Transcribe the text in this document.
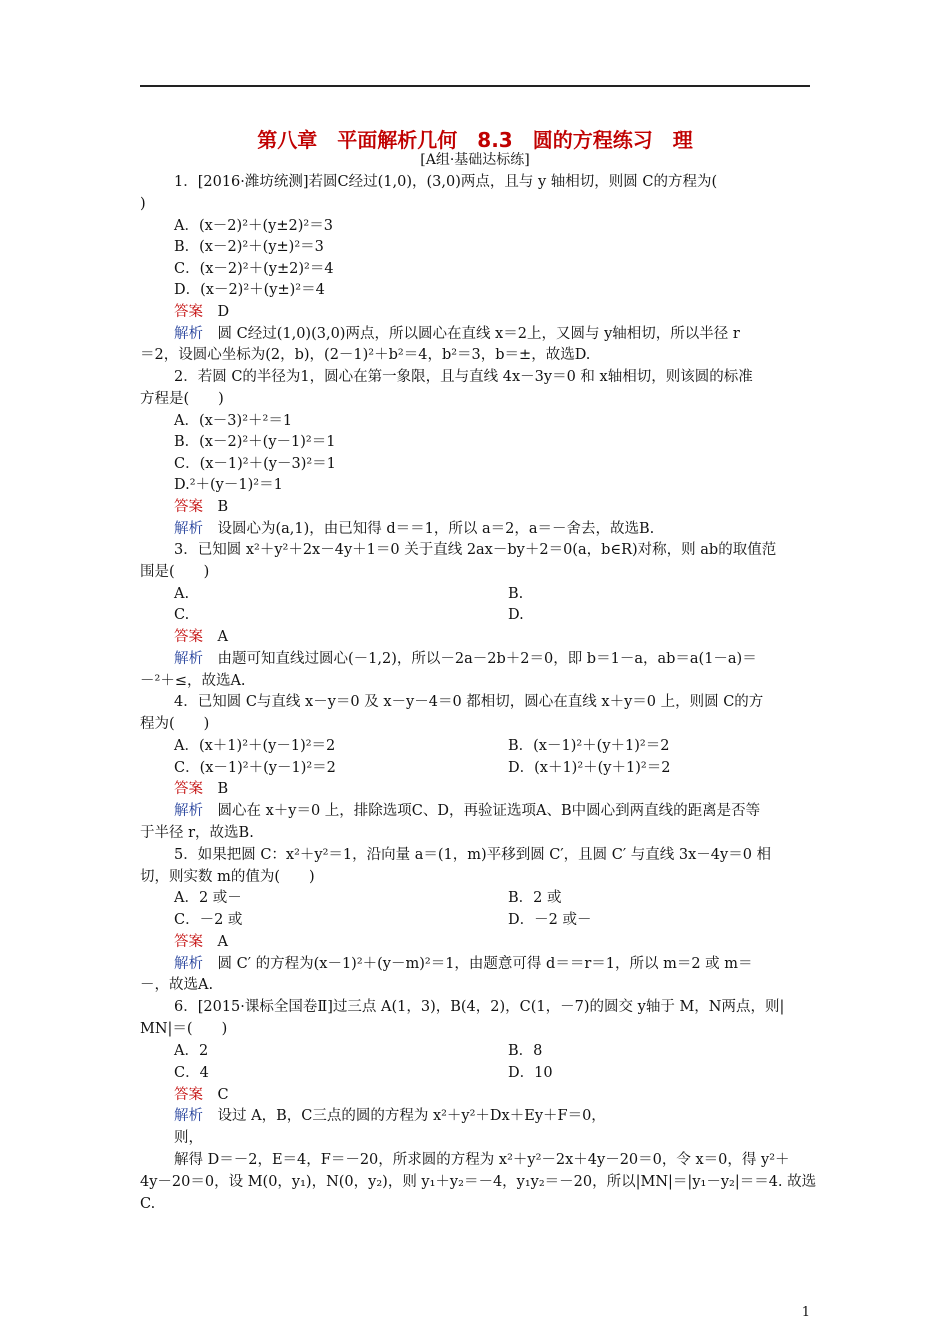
第八章　平面解析几何　8.3　圆的方程练习　理
[A组·基础达标练]
1．[2016·潍坊统测]若圆C经过(1,0)，(3,0)两点，且与 y 轴相切，则圆 C的方程为(
)
A．(x－2)²＋(y±2)²＝3
B．(x－2)²＋(y±)²＝3
C．(x－2)²＋(y±2)²＝4
D．(x－2)²＋(y±)²＝4
答案　 D
解析　 圆 C经过(1,0)(3,0)两点，所以圆心在直线 x＝2上，又圆与 y轴相切，所以半径 r
＝2，设圆心坐标为(2，b)，(2－1)²＋b²＝4，b²＝3，b＝±，故选D.
2．若圆 C的半径为1，圆心在第一象限，且与直线 4x－3y＝0 和 x轴相切，则该圆的标准
方程是(　　)
A．(x－3)²＋²＝1
B．(x－2)²＋(y－1)²＝1
C．(x－1)²＋(y－3)²＝1
D.²＋(y－1)²＝1
答案　 B
解析　 设圆心为(a,1)，由已知得 d＝＝1，所以 a＝2，a＝－舍去，故选B.
3．已知圆 x²＋y²＋2x－4y＋1＝0 关于直线 2ax－by＋2＝0(a，b∈R)对称，则 ab的取值范
围是(　　)
A.	B.
C.	D.
答案　 A
解析　 由题可知直线过圆心(－1,2)，所以－2a－2b＋2＝0，即 b＝1－a，ab＝a(1－a)＝
－²＋≤，故选A.
4．已知圆 C与直线 x－y＝0 及 x－y－4＝0 都相切，圆心在直线 x＋y＝0 上，则圆 C的方
程为(　　)
A．(x＋1)²＋(y－1)²＝2	B．(x－1)²＋(y＋1)²＝2
C．(x－1)²＋(y－1)²＝2	D．(x＋1)²＋(y＋1)²＝2
答案　 B
解析　 圆心在 x＋y＝0 上，排除选项C、D，再验证选项A、B中圆心到两直线的距离是否等
于半径 r，故选B.
5．如果把圆 C：x²＋y²＝1，沿向量 a＝(1，m)平移到圆 C′，且圆 C′ 与直线 3x－4y＝0 相
切，则实数 m的值为(　　)
A．2 或－	B．2 或
C．－2 或	D．－2 或－
答案　 A
解析　 圆 C′ 的方程为(x－1)²＋(y－m)²＝1，由题意可得 d＝＝r＝1，所以 m＝2 或 m＝
－，故选A.
6．[2015·课标全国卷Ⅱ]过三点 A(1，3)，B(4，2)，C(1，－7)的圆交 y轴于 M，N两点，则|
MN|＝(　　)
A．2	B．8
C．4	D．10
答案　 C
解析　 设过 A，B，C三点的圆的方程为 x²＋y²＋Dx＋Ey＋F＝0，
则，
解得 D＝－2，E＝4，F＝－20，所求圆的方程为 x²＋y²－2x＋4y－20＝0，令 x＝0，得 y²＋
4y－20＝0，设 M(0，y₁)，N(0，y₂)，则 y₁＋y₂＝－4，y₁y₂＝－20，所以|MN|＝|y₁－y₂|＝＝4. 故选
C.
1
